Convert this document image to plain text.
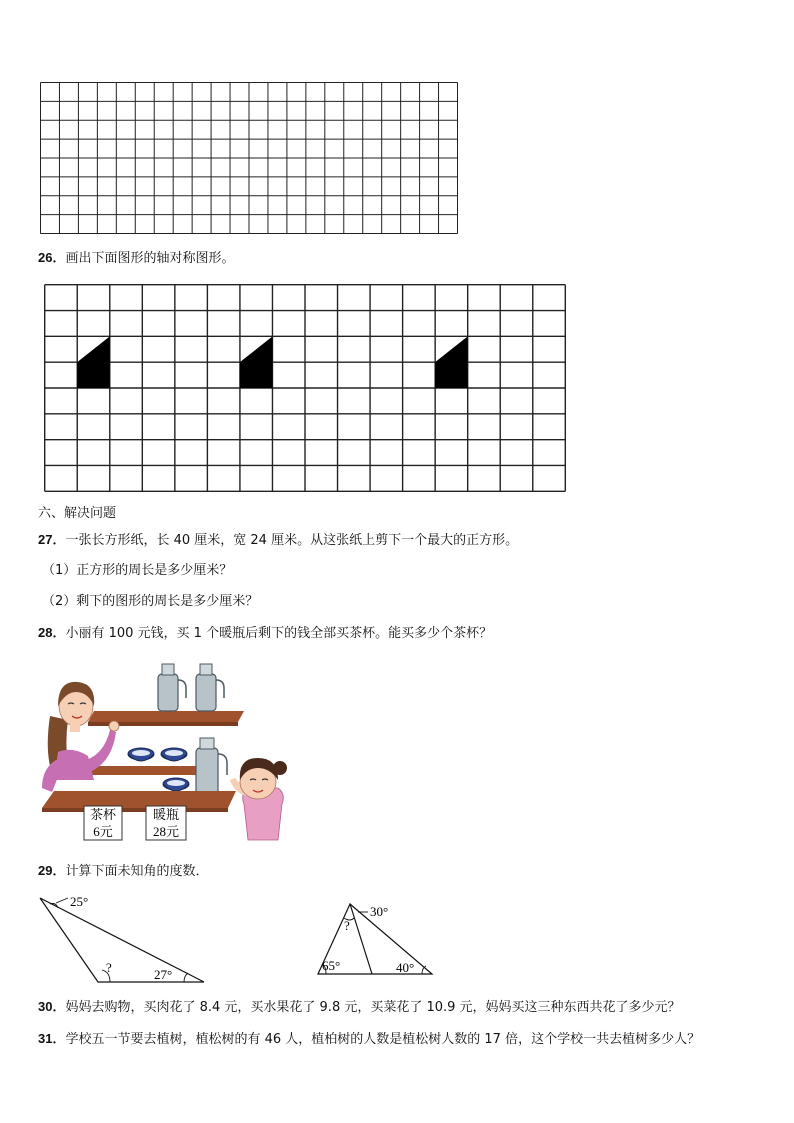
26．画出下面图形的轴对称图形。
六、解决问题
27．一张长方形纸，长 40 厘米，宽 24 厘米。从这张纸上剪下一个最大的正方形。
（1）正方形的周长是多少厘米？
（2）剩下的图形的周长是多少厘米？
28．小丽有 100 元钱，买 1 个暖瓶后剩下的钱全部买茶杯。能买多少个茶杯？
茶杯
6元
暖瓶
28元
29．计算下面未知角的度数．
25°
?	27°
30°
?
65°	40°
30．妈妈去购物，买肉花了 8.4 元，买水果花了 9.8 元，买菜花了 10.9 元，妈妈买这三种东西共花了多少元？
31．学校五一节要去植树，植松树的有 46 人，植柏树的人数是植松树人数的 17 倍，这个学校一共去植树多少人？
